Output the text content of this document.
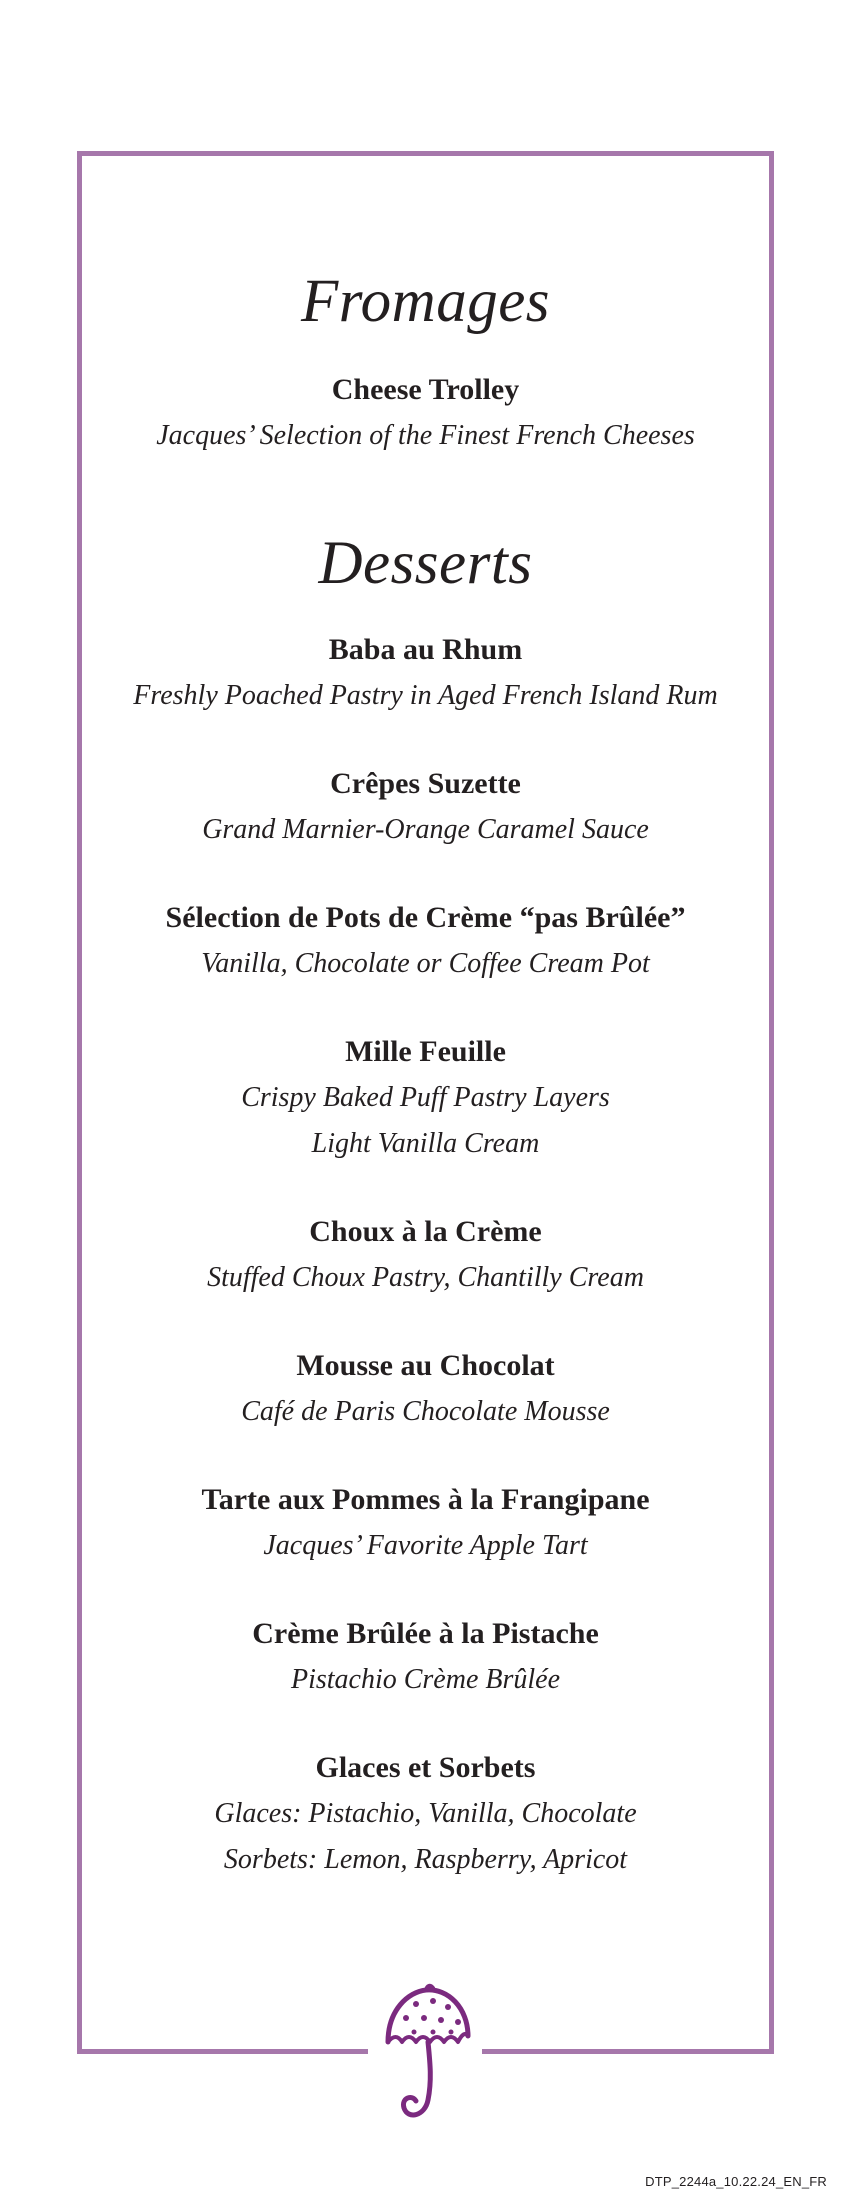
Fromages

Cheese Trolley

Jacques’ Selection of the Finest French Cheeses

Desserts

Baba au Rhum

Freshly Poached Pastry in Aged French Island Rum

Crêpes Suzette

Grand Marnier-Orange Caramel Sauce

Sélection de Pots de Crème “pas Brûlée”

Vanilla, Chocolate or Coffee Cream Pot

Mille Feuille

Crispy Baked Puff Pastry Layers

Light Vanilla Cream

Choux à la Crème

Stuffed Choux Pastry, Chantilly Cream

Mousse au Chocolat

Café de Paris Chocolate Mousse

Tarte aux Pommes à la Frangipane

Jacques’ Favorite Apple Tart

Crème Brûlée à la Pistache

Pistachio Crème Brûlée

Glaces et Sorbets

Glaces: Pistachio, Vanilla, Chocolate

Sorbets: Lemon, Raspberry, Apricot

DTP_2244a_10.22.24_EN_FR
